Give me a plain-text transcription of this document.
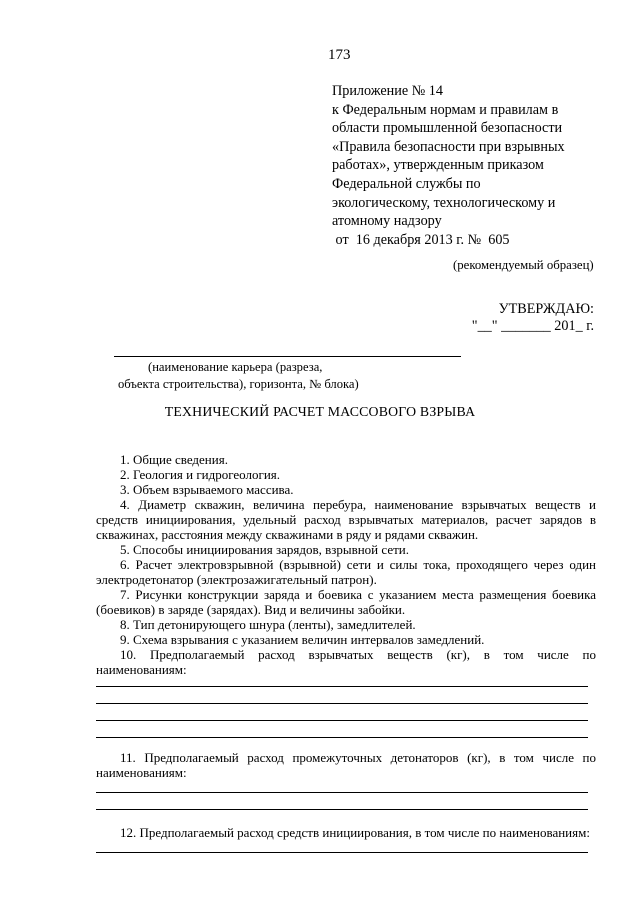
173
Приложение № 14
к Федеральным нормам и правилам в
области промышленной безопасности
«Правила безопасности при взрывных
работах», утвержденным приказом
Федеральной службы по
экологическому, технологическому и
атомному надзору
от  16 декабря 2013 г. №  605
(рекомендуемый образец)
УТВЕРЖДАЮ:
"__" _______ 201_ г.
(наименование карьера (разреза,
объекта строительства), горизонта, № блока)
ТЕХНИЧЕСКИЙ РАСЧЕТ МАССОВОГО ВЗРЫВА

1. Общие сведения.

2. Геология и гидрогеология.

3. Объем взрываемого массива.

4. Диаметр скважин, величина перебура, наименование взрывчатых веществ и средств инициирования, удельный расход взрывчатых материалов, расчет зарядов в скважинах, расстояния между скважинами в ряду и рядами скважин.

5. Способы инициирования зарядов, взрывной сети.

6. Расчет электровзрывной (взрывной) сети и силы тока, проходящего через один электродетонатор (электрозажигательный патрон).

7. Рисунки конструкции заряда и боевика с указанием места размещения боевика (боевиков) в заряде (зарядах). Вид и величины забойки.

8. Тип детонирующего шнура (ленты), замедлителей.

9. Схема взрывания с указанием величин интервалов замедлений.

10.  Предполагаемый  расход  взрывчатых  веществ  (кг),  в  том  числе  по наименованиям:

11. Предполагаемый расход промежуточных детонаторов (кг), в том числе по наименованиям:

12. Предполагаемый расход средств инициирования, в том числе по наименованиям:
